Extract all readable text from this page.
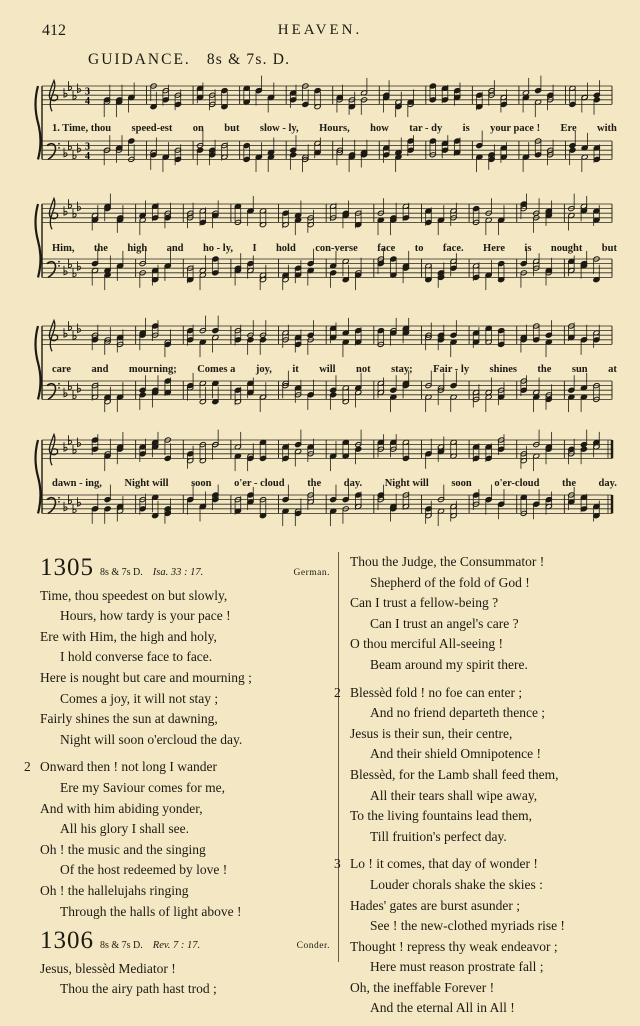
412	HEAVEN.
GUIDANCE. 8s & 7s. D.
3
4
3
4
1. Time, thou speed-est on but slow - ly, Hours, how tar - dy is your pace ! Ere with
Him, the high and ho - ly, I hold con-verse face to face. Here is nought but
care and mourning; Comes a joy, it will not stay; Fair - ly shines the sun at
dawn - ing, Night will soon o'er - cloud the day. Night will soon o'er-cloud the day.
1305 8s & 7s D. Isa. 33 : 17.	German.
Time, thou speedest on but slowly,
Hours, how tardy is your pace !
Ere with Him, the high and holy,
I hold converse face to face.
Here is nought but care and mourning ;
Comes a joy, it will not stay ;
Fairly shines the sun at dawning,
Night will soon o'ercloud the day.
2 Onward then ! not long I wander
Ere my Saviour comes for me,
And with him abiding yonder,
All his glory I shall see.
Oh ! the music and the singing
Of the host redeemed by love !
Oh ! the hallelujahs ringing
Through the halls of light above !
1306 8s & 7s D. Rev. 7 : 17.	Conder.
Jesus, blessèd Mediator !
Thou the airy path hast trod ;
Thou the Judge, the Consummator !
Shepherd of the fold of God !
Can I trust a fellow-being ?
Can I trust an angel's care ?
O thou merciful All-seeing !
Beam around my spirit there.
2 Blessèd fold ! no foe can enter ;
And no friend departeth thence ;
Jesus is their sun, their centre,
And their shield Omnipotence !
Blessèd, for the Lamb shall feed them,
All their tears shall wipe away,
To the living fountains lead them,
Till fruition's perfect day.
3 Lo ! it comes, that day of wonder !
Louder chorals shake the skies :
Hades' gates are burst asunder ;
See ! the new-clothed myriads rise !
Thought ! repress thy weak endeavor ;
Here must reason prostrate fall ;
Oh, the ineffable Forever !
And the eternal All in All !
